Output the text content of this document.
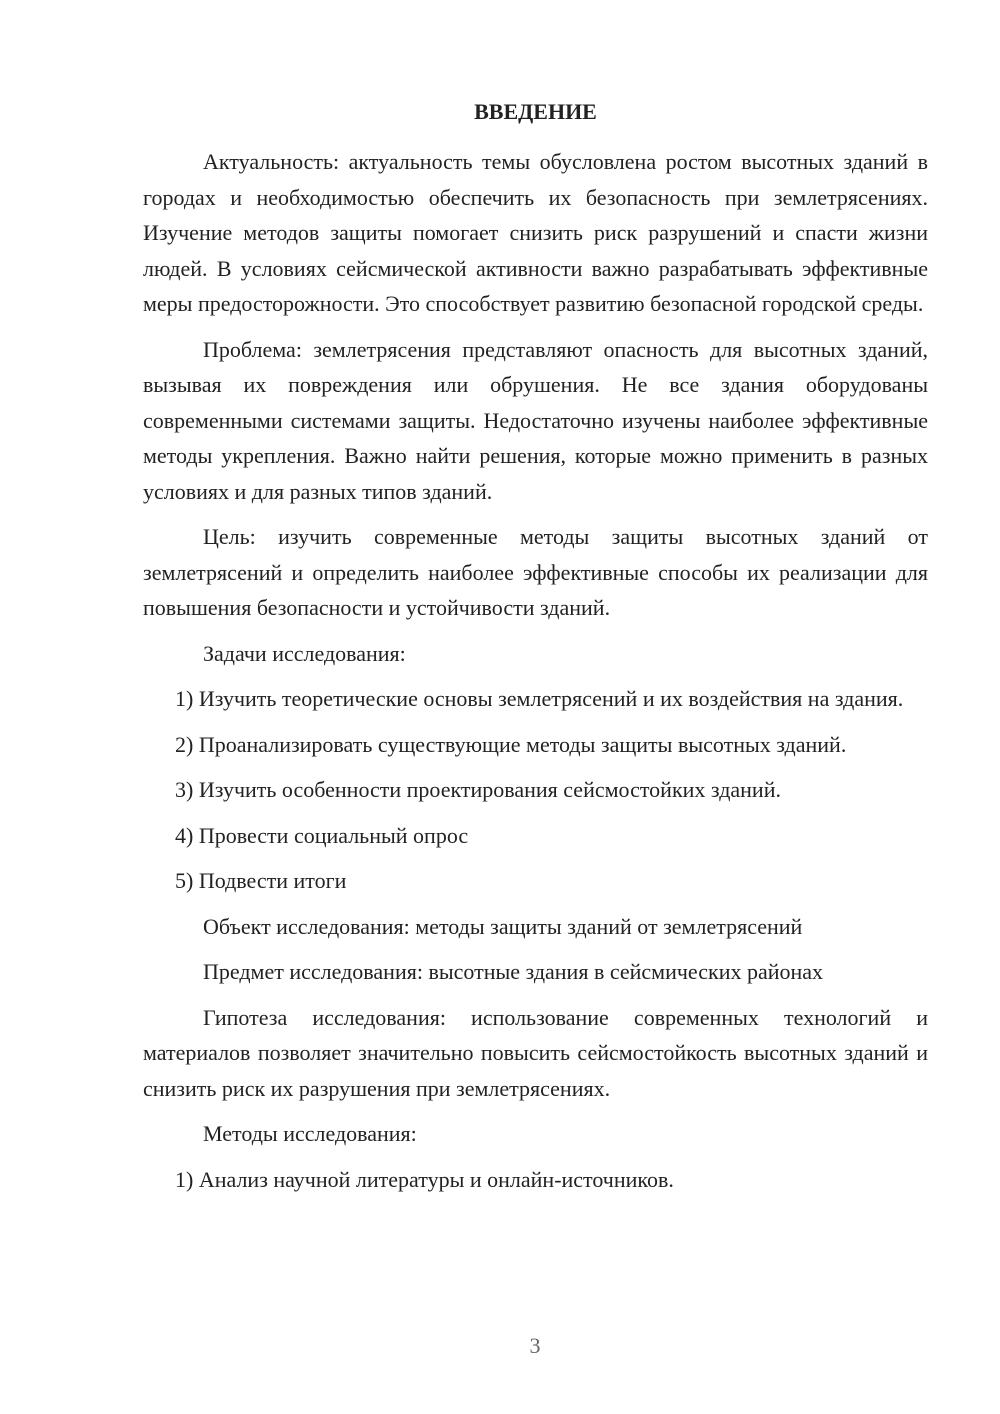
ВВЕДЕНИЕ

Актуальность: актуальность темы обусловлена ростом высотных зданий в городах и необходимостью обеспечить их безопасность при землетрясениях. Изучение методов защиты помогает снизить риск разрушений и спасти жизни людей. В условиях сейсмической активности важно разрабатывать эффективные меры предосторожности. Это способствует развитию безопасной городской среды.

Проблема: землетрясения представляют опасность для высотных зданий, вызывая их повреждения или обрушения. Не все здания оборудованы современными системами защиты. Недостаточно изучены наиболее эффективные методы укрепления. Важно найти решения, которые можно применить в разных условиях и для разных типов зданий.

Цель: изучить современные методы защиты высотных зданий от землетрясений и определить наиболее эффективные способы их реализации для повышения безопасности и устойчивости зданий.

Задачи исследования:

1) Изучить теоретические основы землетрясений и их воздействия на здания.

2) Проанализировать существующие методы защиты высотных зданий.

3) Изучить особенности проектирования сейсмостойких зданий.

4) Провести социальный опрос

5) Подвести итоги

Объект исследования: методы защиты зданий от землетрясений

Предмет исследования: высотные здания в сейсмических районах

Гипотеза исследования: использование современных технологий и материалов позволяет значительно повысить сейсмостойкость высотных зданий и снизить риск их разрушения при землетрясениях.

Методы исследования:

1) Анализ научной литературы и онлайн-источников.

3
